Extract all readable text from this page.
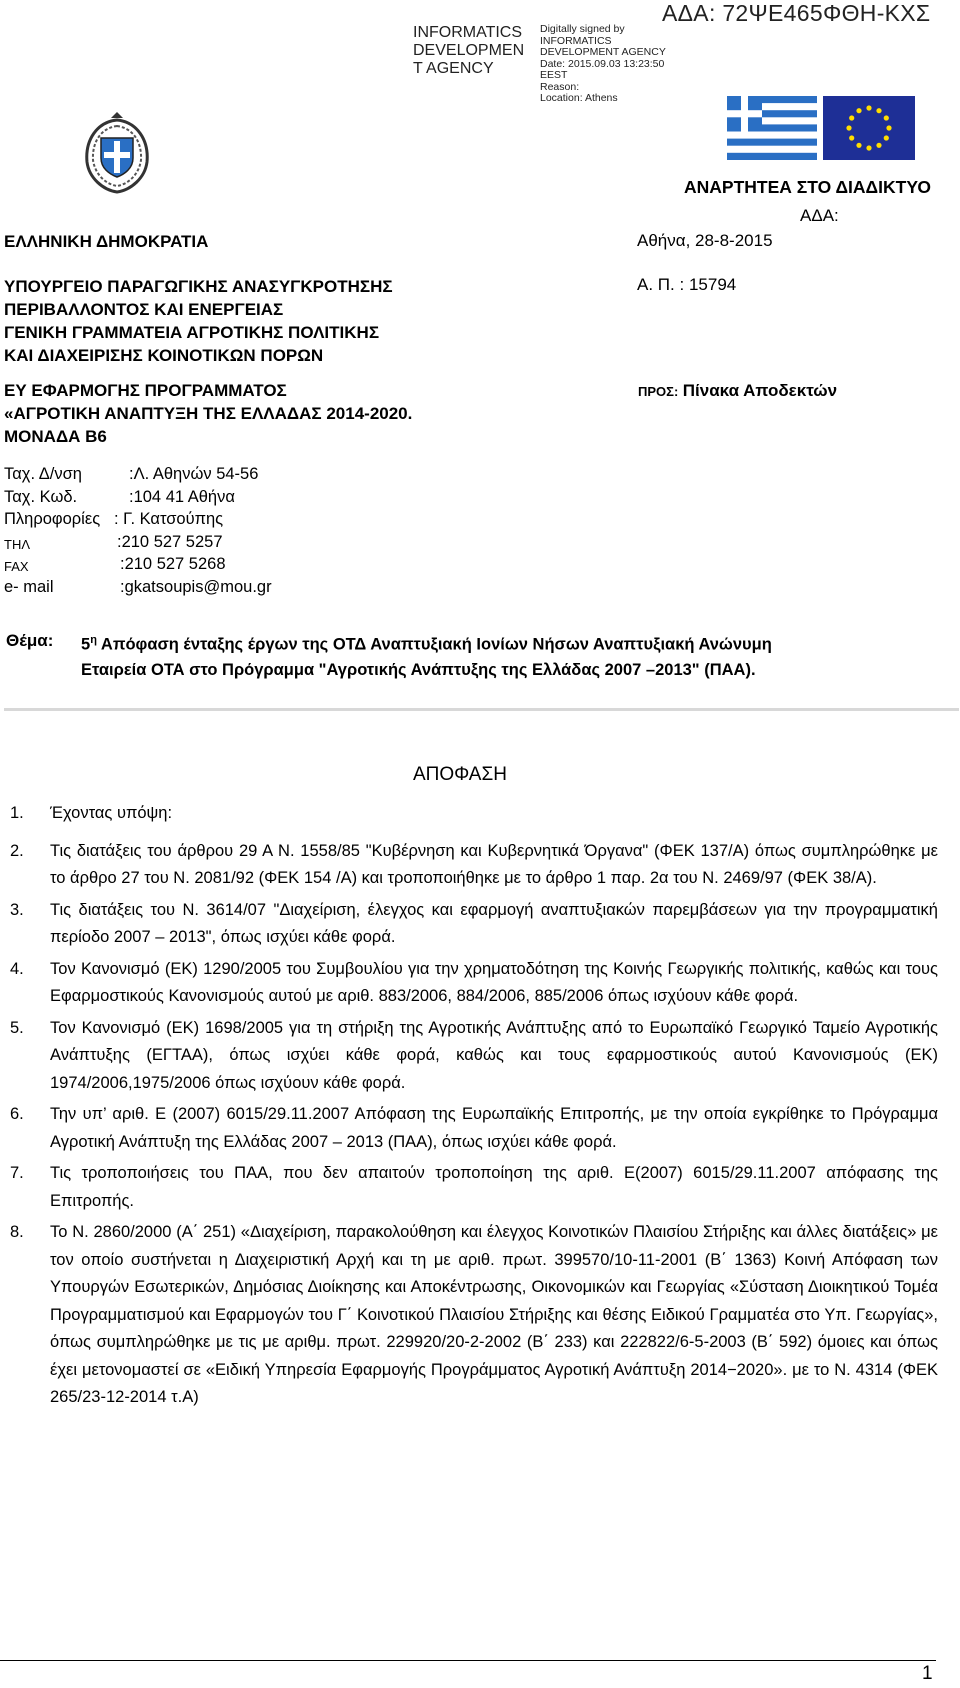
INFORMATICS
DEVELOPMEN
T AGENCY
Digitally signed by
INFORMATICS
DEVELOPMENT AGENCY
Date: 2015.09.03 13:23:50
EEST
Reason:
Location: Athens
ΑΔΑ: 72ΨΕ465ΦΘΗ-ΚΧΣ
ΑΝΑΡΤΗΤΕΑ ΣΤΟ ΔΙΑΔΙΚΤΥΟ
ΑΔΑ:
Αθήνα, 28-8-2015
Α. Π. : 15794
ΠΡΟΣ: Πίνακα Αποδεκτών
ΕΛΛΗΝΙΚΗ ΔΗΜΟΚΡΑΤΙΑ
ΥΠΟΥΡΓΕΙΟ ΠΑΡΑΓΩΓΙΚΗΣ ΑΝΑΣΥΓΚΡΟΤΗΣΗΣ
ΠΕΡΙΒΑΛΛΟΝΤΟΣ ΚΑΙ ΕΝΕΡΓΕΙΑΣ
ΓΕΝΙΚΗ ΓΡΑΜΜΑΤΕΙΑ ΑΓΡΟΤΙΚΗΣ ΠΟΛΙΤΙΚΗΣ
ΚΑΙ ΔΙΑΧΕΙΡΙΣΗΣ ΚΟΙΝΟΤΙΚΩΝ ΠΟΡΩΝ
ΕΥ ΕΦΑΡΜΟΓΗΣ ΠΡΟΓΡΑΜΜΑΤΟΣ
«ΑΓΡΟΤΙΚΗ ΑΝΑΠΤΥΞΗ ΤΗΣ ΕΛΛΑΔΑΣ 2014-2020.
ΜΟΝΑΔΑ Β6
Ταχ. Δ/νση	:Λ. Αθηνών 54-56
Ταχ. Κωδ.	:104 41 Αθήνα
Πληροφορίες : Γ. Κατσούπης
ΤΗΛ	:210 527 5257
FAX	:210 527 5268
e- mail	:gkatsoupis@mou.gr
Θέμα: $5^\eta$ Απόφαση ένταξης έργων της ΟΤΔ Αναπτυξιακή Ιονίων Νήσων Αναπτυξιακή Ανώνυμη
Εταιρεία ΟΤΑ στο Πρόγραμμα "Αγροτικής Ανάπτυξης της Ελλάδας 2007 –2013" (ΠΑΑ).
ΑΠΟΦΑΣΗ
1. Έχοντας υπόψη:
2. Τις διατάξεις του άρθρου 29 Α Ν. 1558/85 "Κυβέρνηση και Κυβερνητικά Όργανα" (ΦΕΚ 137/Α) όπως συμπληρώθηκε με το άρθρο 27 του Ν. 2081/92 (ΦΕΚ 154 /Α) και τροποποιήθηκε με το άρθρο 1 παρ. 2α του Ν. 2469/97 (ΦΕΚ 38/Α).
3. Τις διατάξεις του Ν. 3614/07 "Διαχείριση, έλεγχος και εφαρμογή αναπτυξιακών παρεμβάσεων για την προγραμματική περίοδο 2007 – 2013", όπως ισχύει κάθε φορά.
4. Τον Κανονισμό (ΕΚ) 1290/2005 του Συμβουλίου για την χρηματοδότηση της Κοινής Γεωργικής πολιτικής, καθώς και τους Εφαρμοστικούς Κανονισμούς αυτού με αριθ. 883/2006, 884/2006, 885/2006 όπως ισχύουν κάθε φορά.
5. Τον Κανονισμό (ΕΚ) 1698/2005 για τη στήριξη της Αγροτικής Ανάπτυξης από το Ευρωπαϊκό Γεωργικό Ταμείο Αγροτικής Ανάπτυξης (ΕΓΤΑΑ), όπως ισχύει κάθε φορά, καθώς και τους εφαρμοστικούς αυτού Κανονισμούς (ΕΚ) 1974/2006,1975/2006 όπως ισχύουν κάθε φορά.
6. Την υπ’ αριθ. Ε (2007) 6015/29.11.2007 Απόφαση της Ευρωπαϊκής Επιτροπής, με την οποία εγκρίθηκε το Πρόγραμμα Αγροτική Ανάπτυξη της Ελλάδας 2007 – 2013 (ΠΑΑ), όπως ισχύει κάθε φορά.
7. Τις τροποποιήσεις του ΠΑΑ, που δεν απαιτούν τροποποίηση της αριθ. Ε(2007) 6015/29.11.2007 απόφασης της Επιτροπής.
8. Το Ν. 2860/2000 (Α΄ 251) «Διαχείριση, παρακολούθηση και έλεγχος Κοινοτικών Πλαισίου Στήριξης και άλλες διατάξεις» με τον οποίο συστήνεται η Διαχειριστική Αρχή και τη με αριθ. πρωτ. 399570/10-11-2001 (Β΄ 1363) Κοινή Απόφαση των Υπουργών Εσωτερικών, Δημόσιας Διοίκησης και Αποκέντρωσης, Οικονομικών και Γεωργίας «Σύσταση Διοικητικού Τομέα Προγραμματισμού και Εφαρμογών του Γ΄ Κοινοτικού Πλαισίου Στήριξης και θέσης Ειδικού Γραμματέα στο Υπ. Γεωργίας», όπως συμπληρώθηκε με τις με αριθμ. πρωτ. 229920/20-2-2002 (Β΄ 233) και 222822/6-5-2003 (Β΄ 592) όμοιες και όπως έχει μετονομαστεί σε «Ειδική Υπηρεσία Εφαρμογής Προγράμματος Αγροτική Ανάπτυξη 2014−2020». με το Ν. 4314 (ΦΕΚ 265/23-12-2014 τ.Α)
1
